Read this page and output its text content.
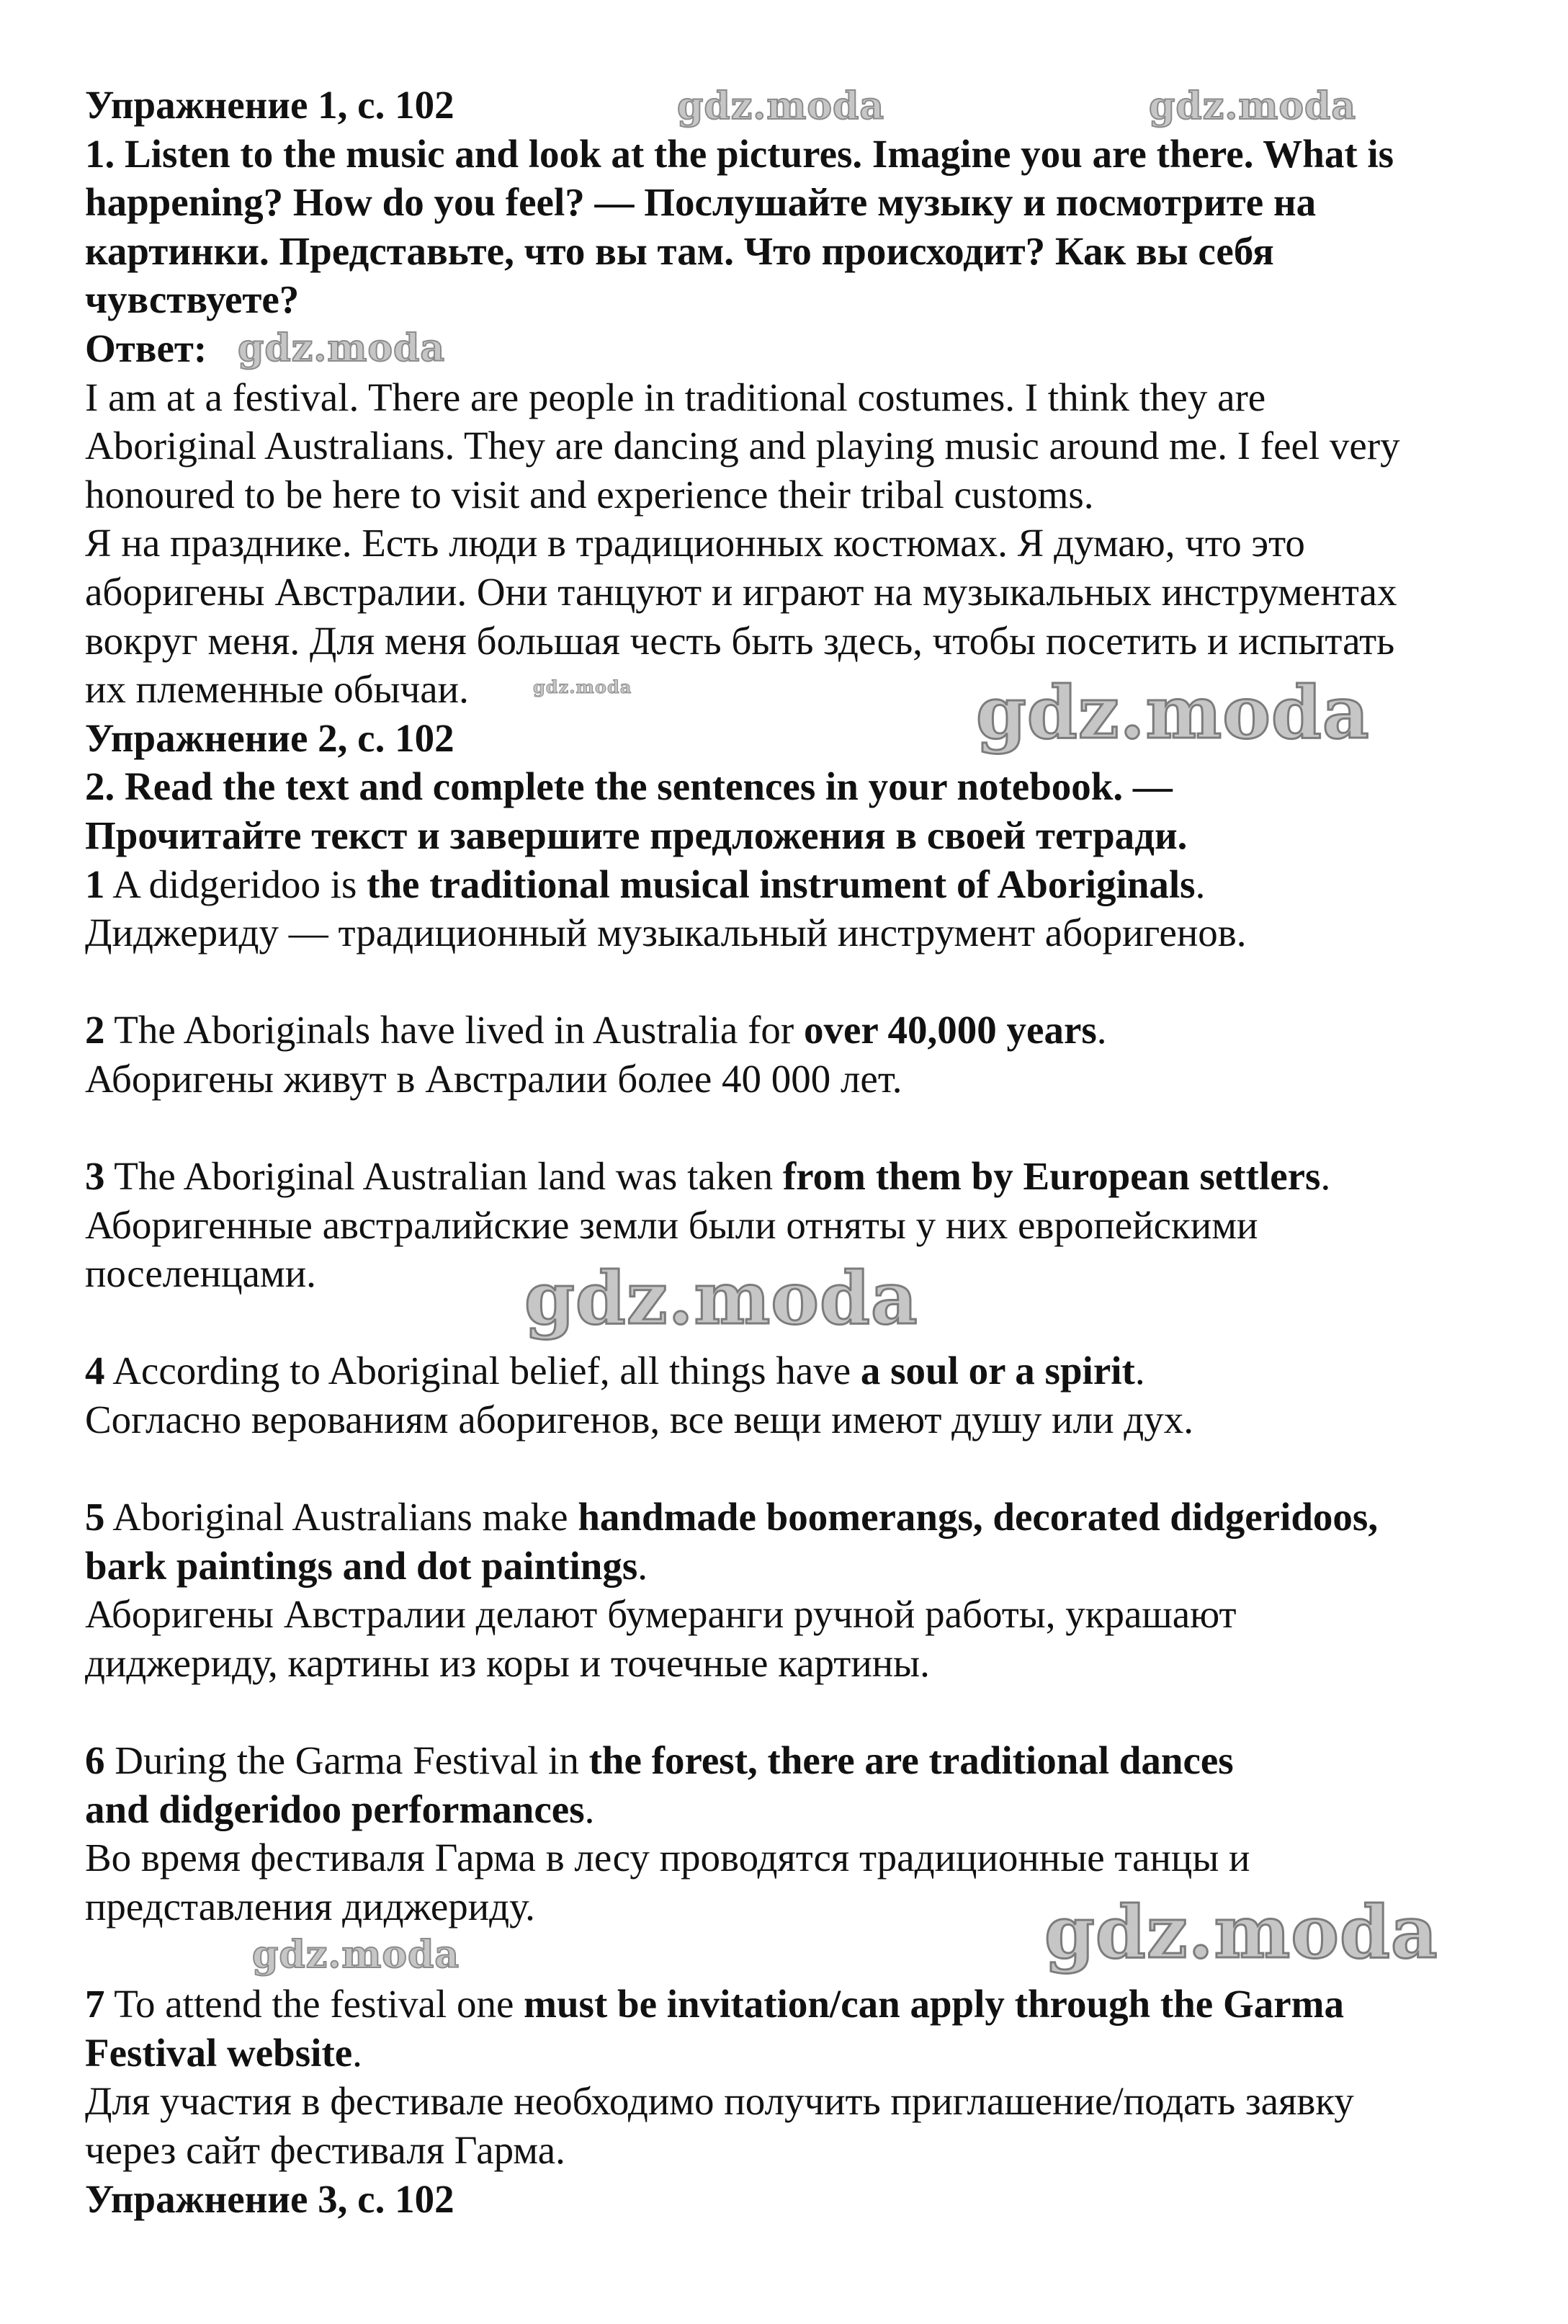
Упражнение 1, с. 102
1. Listen to the music and look at the pictures. Imagine you are there. What is
happening? How do you feel? — Послушайте музыку и посмотрите на
картинки. Представьте, что вы там. Что происходит? Как вы себя
чувствуете?
Ответ:
I am at a festival. There are people in traditional costumes. I think they are
Aboriginal Australians. They are dancing and playing music around me. I feel very
honoured to be here to visit and experience their tribal customs.
Я на празднике. Есть люди в традиционных костюмах. Я думаю, что это
аборигены Австралии. Они танцуют и играют на музыкальных инструментах
вокруг меня. Для меня большая честь быть здесь, чтобы посетить и испытать
их племенные обычаи.
Упражнение 2, с. 102
2. Read the text and complete the sentences in your notebook. —
Прочитайте текст и завершите предложения в своей тетради.
1 A didgeridoo is the traditional musical instrument of Aboriginals.
Диджериду — традиционный музыкальный инструмент аборигенов.
2 The Aboriginals have lived in Australia for over 40,000 years.
Аборигены живут в Австралии более 40 000 лет.
3 The Aboriginal Australian land was taken from them by European settlers.
Аборигенные австралийские земли были отняты у них европейскими
поселенцами.
4 According to Aboriginal belief, all things have a soul or a spirit.
Согласно верованиям аборигенов, все вещи имеют душу или дух.
5 Aboriginal Australians make handmade boomerangs, decorated didgeridoos,
bark paintings and dot paintings.
Аборигены Австралии делают бумеранги ручной работы, украшают
диджериду, картины из коры и точечные картины.
6 During the Garma Festival in the forest, there are traditional dances
and didgeridoo performances.
Во время фестиваля Гарма в лесу проводятся традиционные танцы и
представления диджериду.
7 To attend the festival one must be invitation/can apply through the Garma
Festival website.
Для участия в фестивале необходимо получить приглашение/подать заявку
через сайт фестиваля Гарма.
Упражнение 3, с. 102
gdz.moda	gdz.moda
gdz.moda
gdz.moda	gdz.moda
gdz.moda
gdz.moda
gdz.moda
